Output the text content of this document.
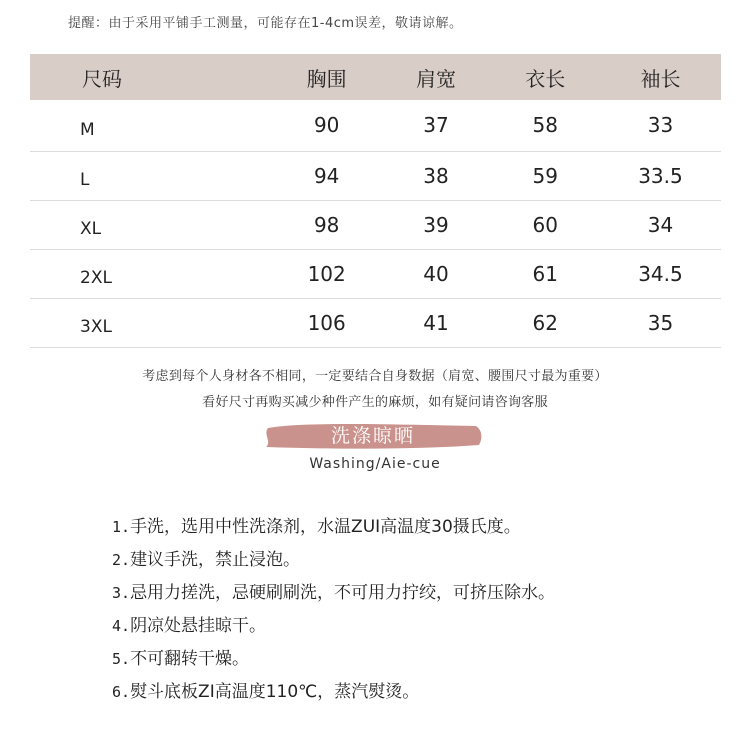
提醒：由于采用平铺手工测量，可能存在1-4cm误差，敬请谅解。
尺码	胸围	肩宽	衣长	袖长
M	90	37	58	33
L	94	38	59	33.5
XL	98	39	60	34
2XL	102	40	61	34.5
3XL	106	41	62	35
考虑到每个人身材各不相同，一定要结合自身数据（肩宽、腰围尺寸最为重要）
看好尺寸再购买减少种件产生的麻烦，如有疑问请咨询客服
洗涤晾晒
Washing/Aie-cue
1.手洗，选用中性洗涤剂，水温ZUI高温度30摄氏度。
2.建议手洗，禁止浸泡。
3.忌用力搓洗，忌硬刷刷洗，不可用力拧绞，可挤压除水。
4.阴凉处悬挂晾干。
5.不可翻转干燥。
6.熨斗底板ZI高温度110℃，蒸汽熨烫。
